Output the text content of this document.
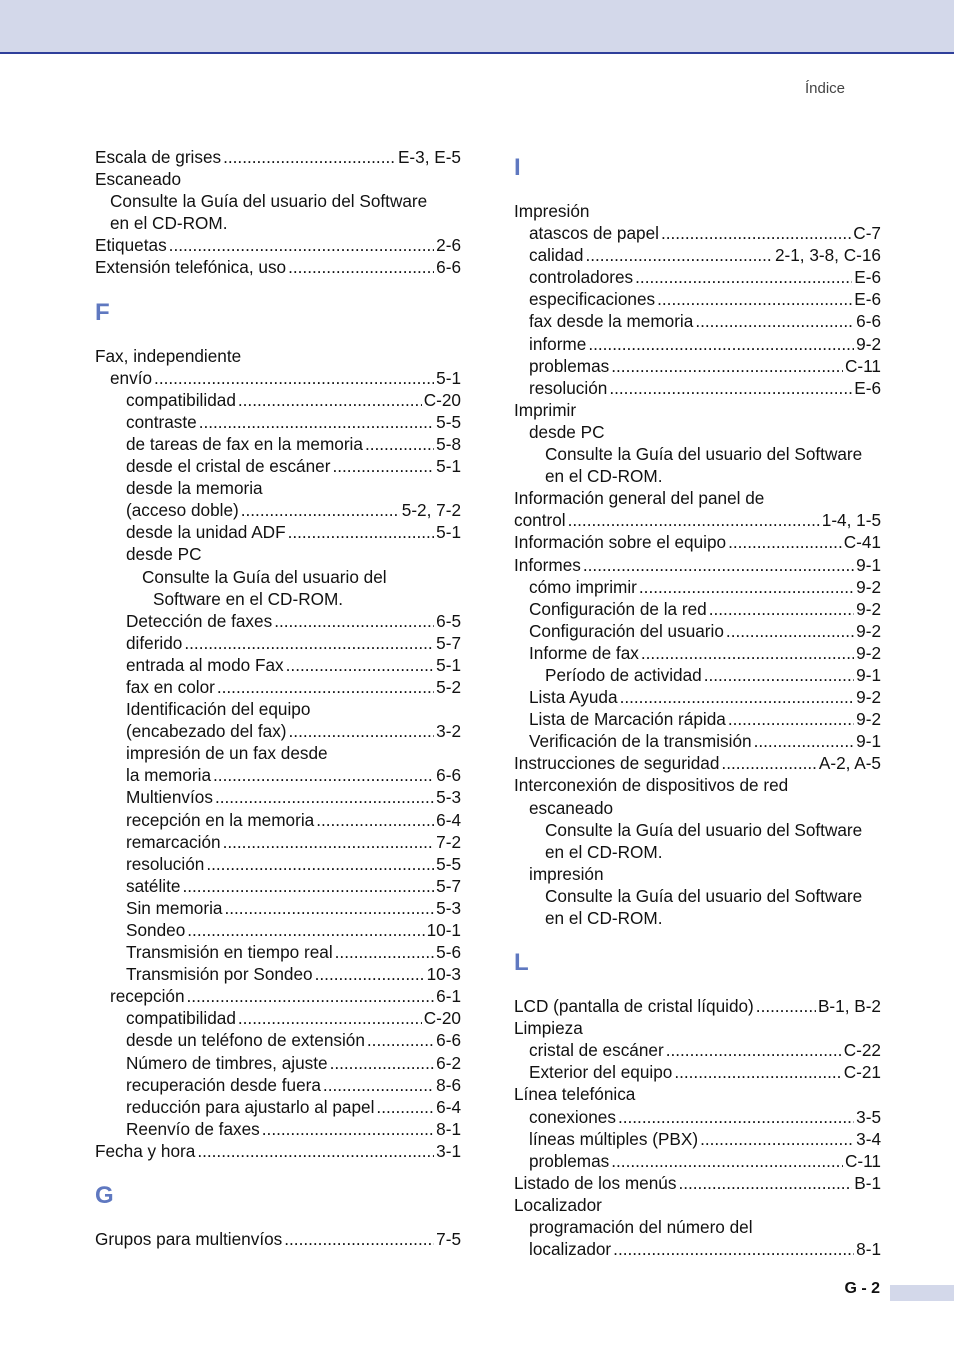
Índice
Escala de grises .....	E-3, E-5
Escaneado
Consulte la Guía del usuario del Software
en el CD-ROM.
Etiquetas .....	2-6
Extensión telefónica, uso .....	6-6
F
Fax, independiente
envío .....	5-1
compatibilidad .....	C-20
contraste .....	5-5
de tareas de fax en la memoria .....	5-8
desde el cristal de escáner .....	5-1
desde la memoria
(acceso doble) .....	5-2, 7-2
desde la unidad ADF .....	5-1
desde PC
Consulte la Guía del usuario del
Software en el CD-ROM.
Detección de faxes .....	6-5
diferido .....	5-7
entrada al modo Fax .....	5-1
fax en color .....	5-2
Identificación del equipo
(encabezado del fax) .....	3-2
impresión de un fax desde
la memoria .....	6-6
Multienvíos .....	5-3
recepción en la memoria .....	6-4
remarcación .....	7-2
resolución .....	5-5
satélite .....	5-7
Sin memoria .....	5-3
Sondeo .....	10-1
Transmisión en tiempo real .....	5-6
Transmisión por Sondeo .....	10-3
recepción .....	6-1
compatibilidad .....	C-20
desde un teléfono de extensión .....	6-6
Número de timbres, ajuste .....	6-2
recuperación desde fuera .....	8-6
reducción para ajustarlo al papel .....	6-4
Reenvío de faxes .....	8-1
Fecha y hora .....	3-1
G
Grupos para multienvíos .....	7-5
I
Impresión
atascos de papel .....	C-7
calidad .....	2-1, 3-8, C-16
controladores .....	E-6
especificaciones .....	E-6
fax desde la memoria .....	6-6
informe .....	9-2
problemas .....	C-11
resolución .....	E-6
Imprimir
desde PC
Consulte la Guía del usuario del Software
en el CD-ROM.
Información general del panel de
control .....	1-4, 1-5
Información sobre el equipo .....	C-41
Informes .....	9-1
cómo imprimir .....	9-2
Configuración de la red .....	9-2
Configuración del usuario .....	9-2
Informe de fax .....	9-2
Período de actividad .....	9-1
Lista Ayuda .....	9-2
Lista de Marcación rápida .....	9-2
Verificación de la transmisión .....	9-1
Instrucciones de seguridad .....	A-2, A-5
Interconexión de dispositivos de red
escaneado
Consulte la Guía del usuario del Software
en el CD-ROM.
impresión
Consulte la Guía del usuario del Software
en el CD-ROM.
L
LCD (pantalla de cristal líquido) .....	B-1, B-2
Limpieza
cristal de escáner .....	C-22
Exterior del equipo .....	C-21
Línea telefónica
conexiones .....	3-5
líneas múltiples (PBX) .....	3-4
problemas .....	C-11
Listado de los menús .....	B-1
Localizador
programación del número del
localizador .....	8-1
G - 2
